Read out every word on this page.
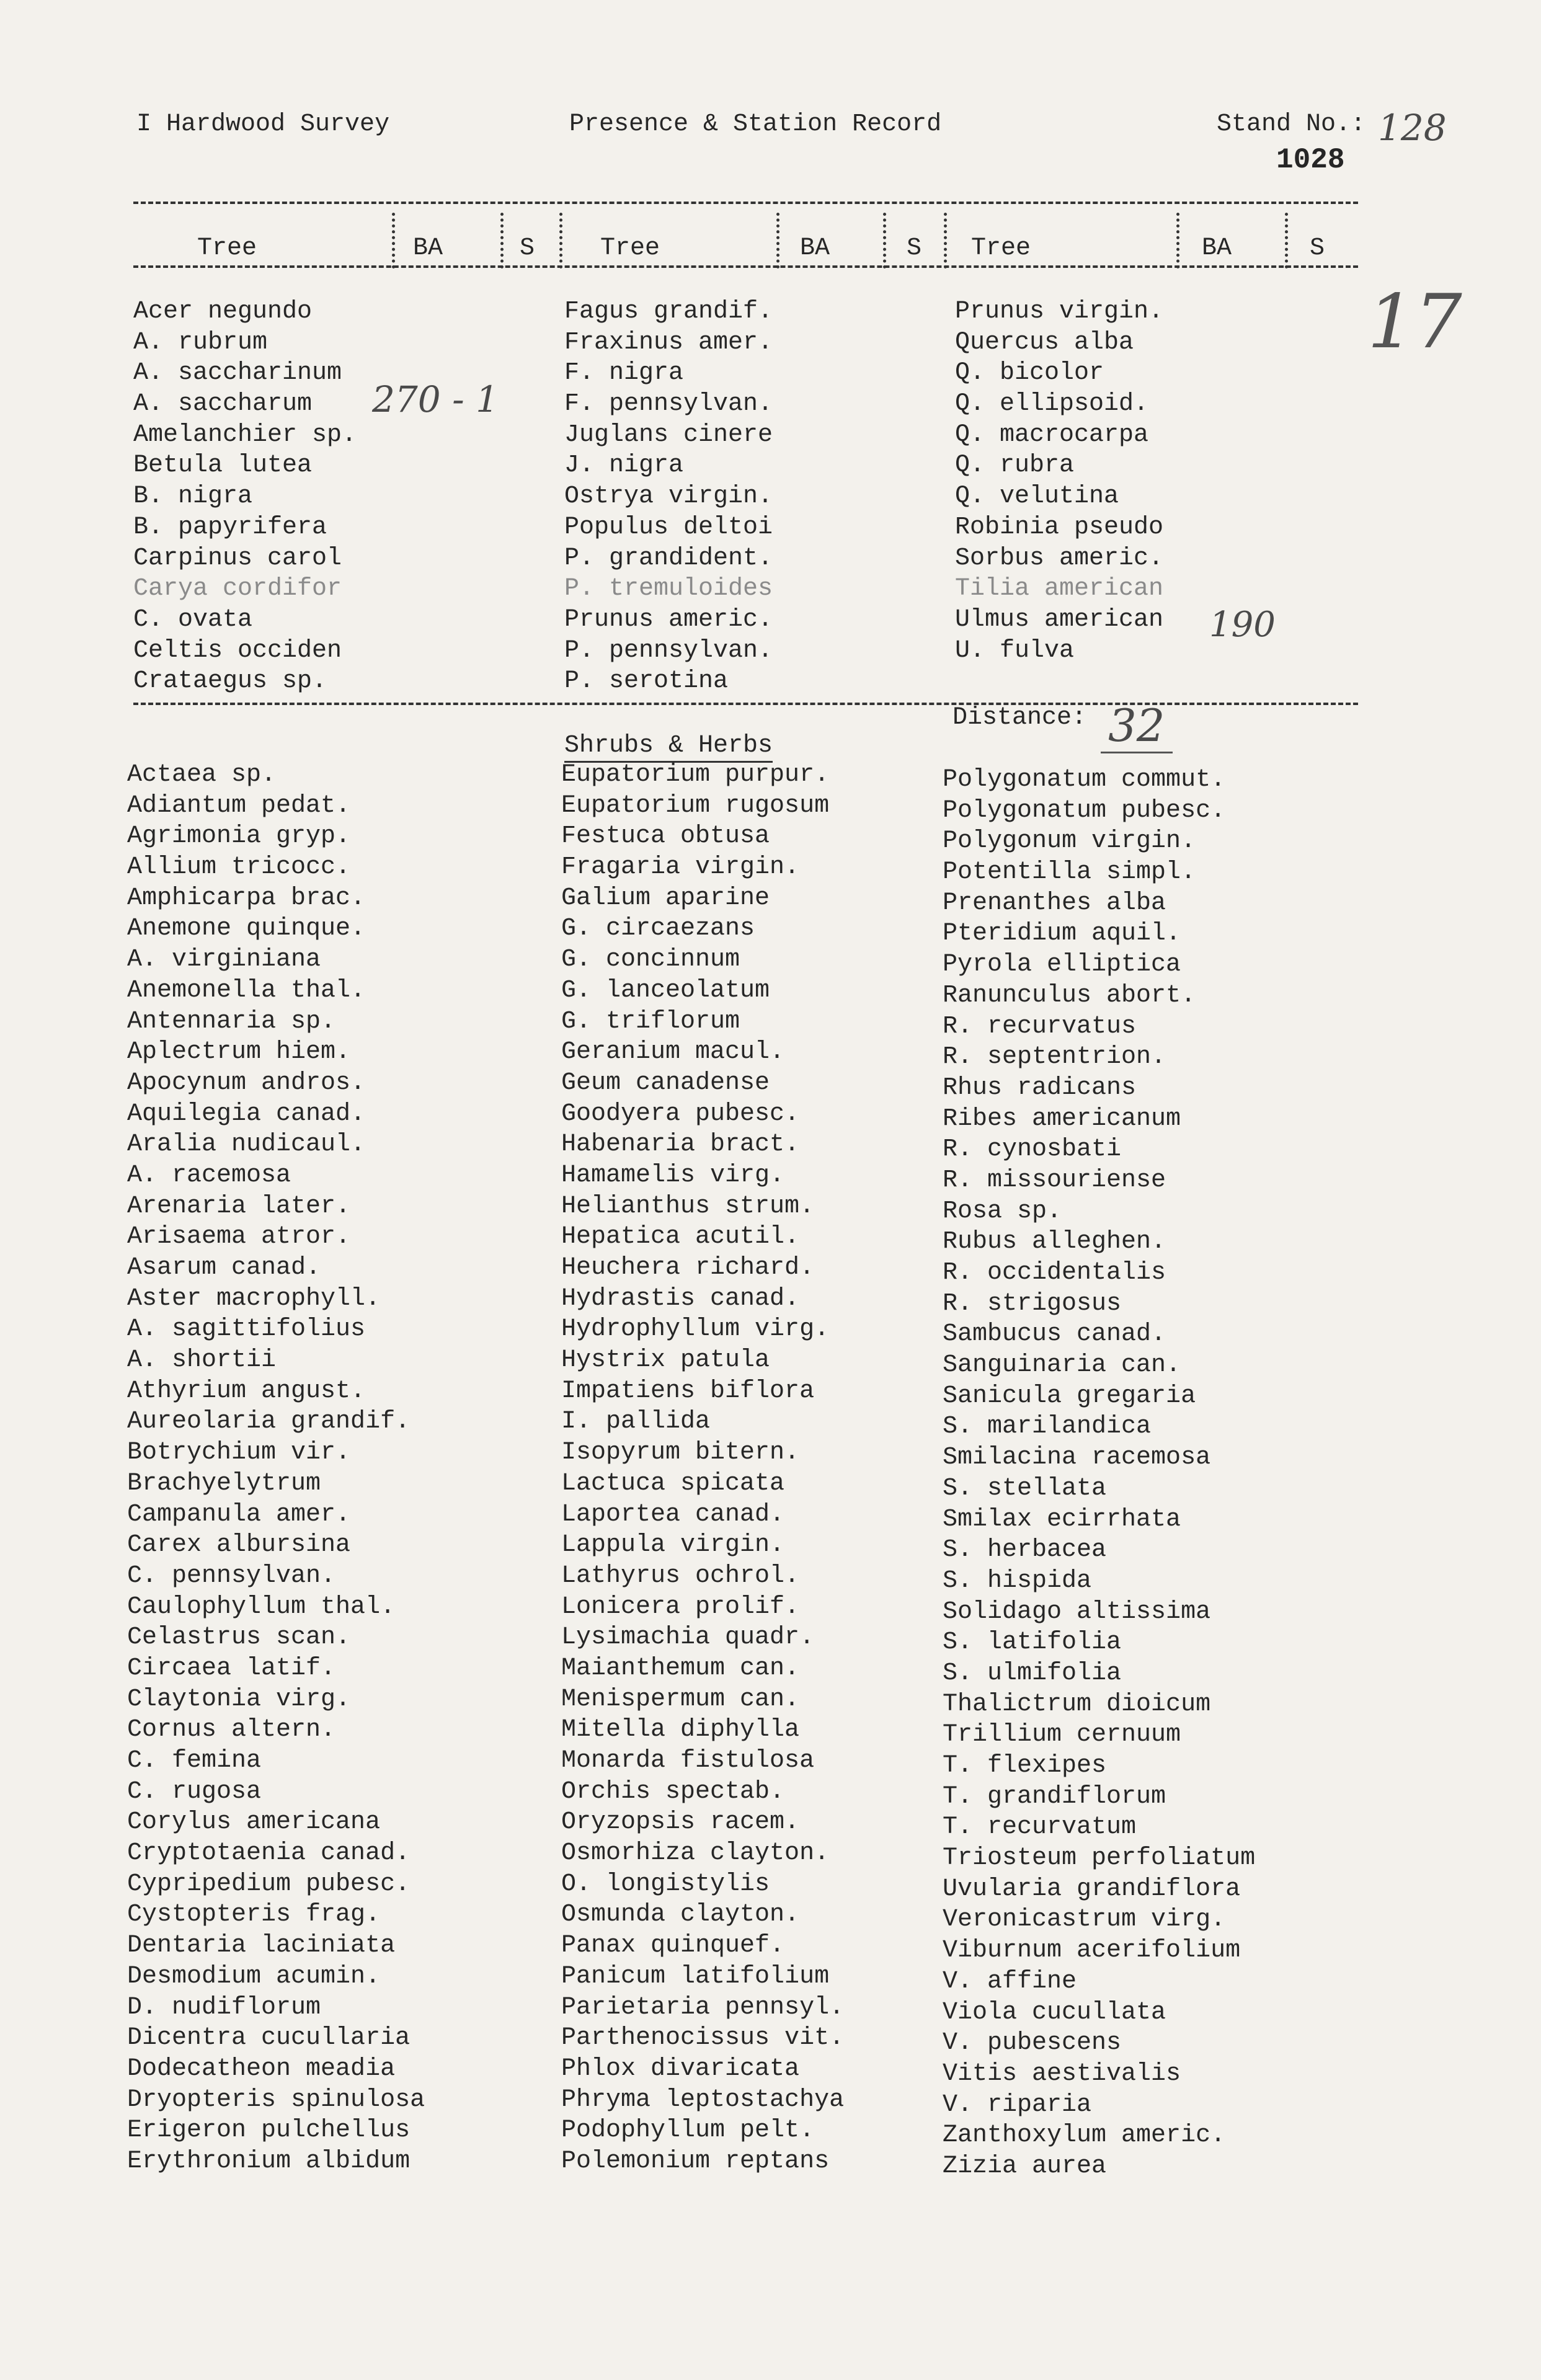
I Hardwood Survey	Presence & Station Record	Stand No.: 128
1028
17
Tree	BA	S	Tree	BA	S Tree	BA	S
Acer negundo
A. rubrum
A. saccharinum
A. saccharum
Amelanchier sp.
Betula lutea
B. nigra
B. papyrifera
Carpinus carol
Carya cordifor
C. ovata
Celtis occiden
Crataegus sp.
270 - 1
Fagus grandif.
Fraxinus amer.
F. nigra
F. pennsylvan.
Juglans cinere
J. nigra
Ostrya virgin.
Populus deltoi
P. grandident.
P. tremuloides
Prunus americ.
P. pennsylvan.
P. serotina
Prunus virgin.
Quercus alba
Q. bicolor
Q. ellipsoid.
Q. macrocarpa
Q. rubra
Q. velutina
Robinia pseudo
Sorbus americ.
Tilia american
Ulmus american
U. fulva
190
Distance: 32
Shrubs & Herbs
Actaea sp.
Adiantum pedat.
Agrimonia gryp.
Allium tricocc.
Amphicarpa brac.
Anemone quinque.
A. virginiana
Anemonella thal.
Antennaria sp.
Aplectrum hiem.
Apocynum andros.
Aquilegia canad.
Aralia nudicaul.
A. racemosa
Arenaria later.
Arisaema atror.
Asarum canad.
Aster macrophyll.
A. sagittifolius
A. shortii
Athyrium angust.
Aureolaria grandif.
Botrychium vir.
Brachyelytrum
Campanula amer.
Carex albursina
C. pennsylvan.
Caulophyllum thal.
Celastrus scan.
Circaea latif.
Claytonia virg.
Cornus altern.
C. femina
C. rugosa
Corylus americana
Cryptotaenia canad.
Cypripedium pubesc.
Cystopteris frag.
Dentaria laciniata
Desmodium acumin.
D. nudiflorum
Dicentra cucullaria
Dodecatheon meadia
Dryopteris spinulosa
Erigeron pulchellus
Erythronium albidum
Eupatorium purpur.
Eupatorium rugosum
Festuca obtusa
Fragaria virgin.
Galium aparine
G. circaezans
G. concinnum
G. lanceolatum
G. triflorum
Geranium macul.
Geum canadense
Goodyera pubesc.
Habenaria bract.
Hamamelis virg.
Helianthus strum.
Hepatica acutil.
Heuchera richard.
Hydrastis canad.
Hydrophyllum virg.
Hystrix patula
Impatiens biflora
I. pallida
Isopyrum bitern.
Lactuca spicata
Laportea canad.
Lappula virgin.
Lathyrus ochrol.
Lonicera prolif.
Lysimachia quadr.
Maianthemum can.
Menispermum can.
Mitella diphylla
Monarda fistulosa
Orchis spectab.
Oryzopsis racem.
Osmorhiza clayton.
O. longistylis
Osmunda clayton.
Panax quinquef.
Panicum latifolium
Parietaria pennsyl.
Parthenocissus vit.
Phlox divaricata
Phryma leptostachya
Podophyllum pelt.
Polemonium reptans
Polygonatum commut.
Polygonatum pubesc.
Polygonum virgin.
Potentilla simpl.
Prenanthes alba
Pteridium aquil.
Pyrola elliptica
Ranunculus abort.
R. recurvatus
R. septentrion.
Rhus radicans
Ribes americanum
R. cynosbati
R. missouriense
Rosa sp.
Rubus alleghen.
R. occidentalis
R. strigosus
Sambucus canad.
Sanguinaria can.
Sanicula gregaria
S. marilandica
Smilacina racemosa
S. stellata
Smilax ecirrhata
S. herbacea
S. hispida
Solidago altissima
S. latifolia
S. ulmifolia
Thalictrum dioicum
Trillium cernuum
T. flexipes
T. grandiflorum
T. recurvatum
Triosteum perfoliatum
Uvularia grandiflora
Veronicastrum virg.
Viburnum acerifolium
V. affine
Viola cucullata
V. pubescens
Vitis aestivalis
V. riparia
Zanthoxylum americ.
Zizia aurea
